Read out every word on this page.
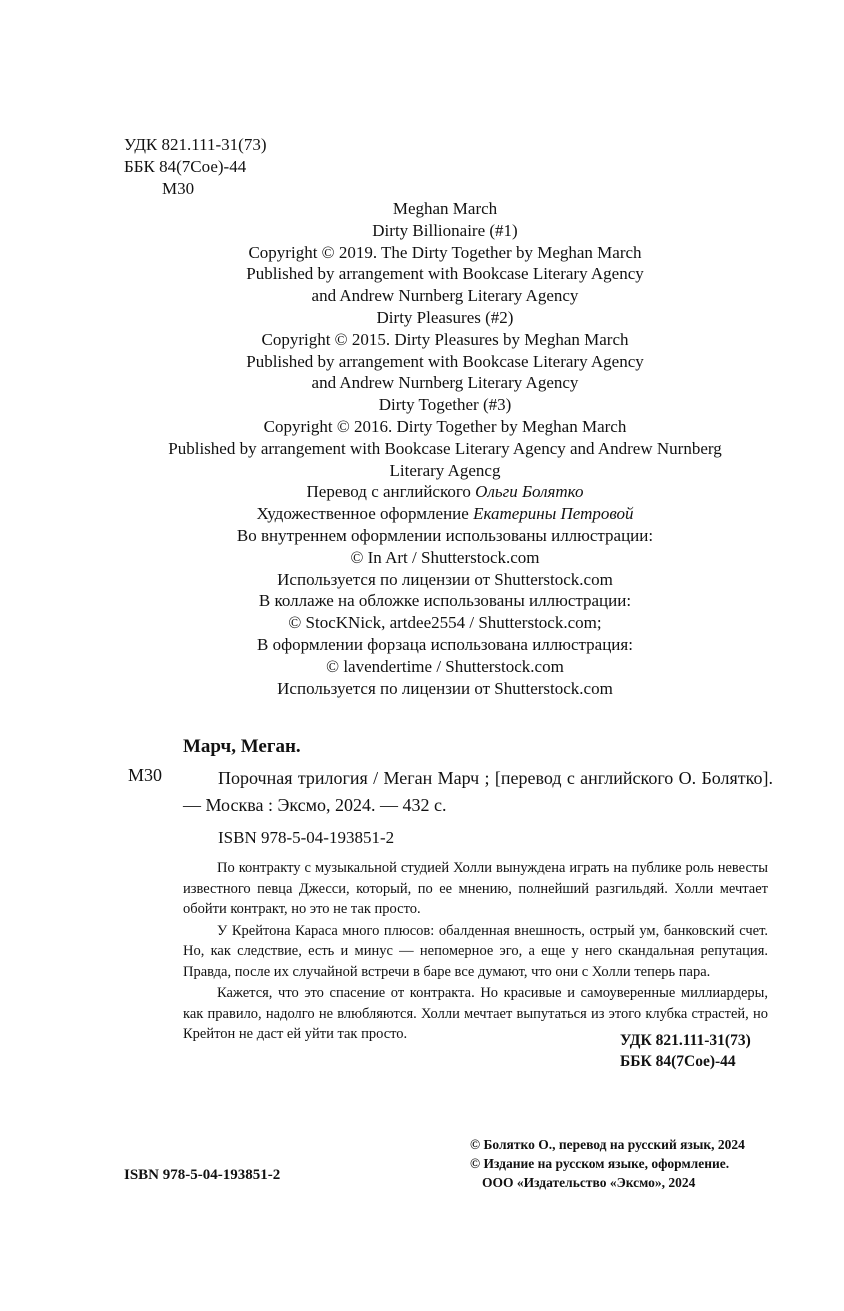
УДК 821.111-31(73)
ББК 84(7Сое)-44
М30
Meghan March
Dirty Billionaire (#1)
Copyright © 2019. The Dirty Together by Meghan March
Published by arrangement with Bookcase Literary Agency
and Andrew Nurnberg Literary Agency
Dirty Pleasures (#2)
Copyright © 2015. Dirty Pleasures by Meghan March
Published by arrangement with Bookcase Literary Agency
and Andrew Nurnberg Literary Agency
Dirty Together (#3)
Copyright © 2016. Dirty Together by Meghan March
Published by arrangement with Bookcase Literary Agency and Andrew Nurnberg
Literary Agencg
Перевод с английского Ольги Болятко
Художественное оформление Екатерины Петровой
Во внутреннем оформлении использованы иллюстрации:
© In Art / Shutterstock.com
Используется по лицензии от Shutterstock.com
В коллаже на обложке использованы иллюстрации:
© StocKNick, artdee2554 / Shutterstock.com;
В оформлении форзаца использована иллюстрация:
© lavendertime / Shutterstock.com
Используется по лицензии от Shutterstock.com
Марч, Меган.
М30	Порочная трилогия / Меган Марч ; [перевод с английского О. Болятко]. — Москва : Эксмо, 2024. — 432 с.
ISBN 978-5-04-193851-2

По контракту с музыкальной студией Холли вынуждена играть на публике роль невесты известного певца Джесси, который, по ее мнению, полнейший разгильдяй. Холли мечтает обойти контракт, но это не так просто.

У Крейтона Караса много плюсов: обалденная внешность, острый ум, банковский счет. Но, как следствие, есть и минус — непомерное эго, а еще у него скандальная репутация. Правда, после их случайной встречи в баре все думают, что они с Холли теперь пара.

Кажется, что это спасение от контракта. Но красивые и самоуверенные миллиардеры, как правило, надолго не влюбляются. Холли мечтает выпутаться из этого клубка страстей, но Крейтон не даст ей уйти так просто.	УДК 821.111-31(73)
ББК 84(7Сое)-44
ISBN 978-5-04-193851-2
© Болятко О., перевод на русский язык, 2024
© Издание на русском языке, оформление.
ООО «Издательство «Эксмо», 2024
